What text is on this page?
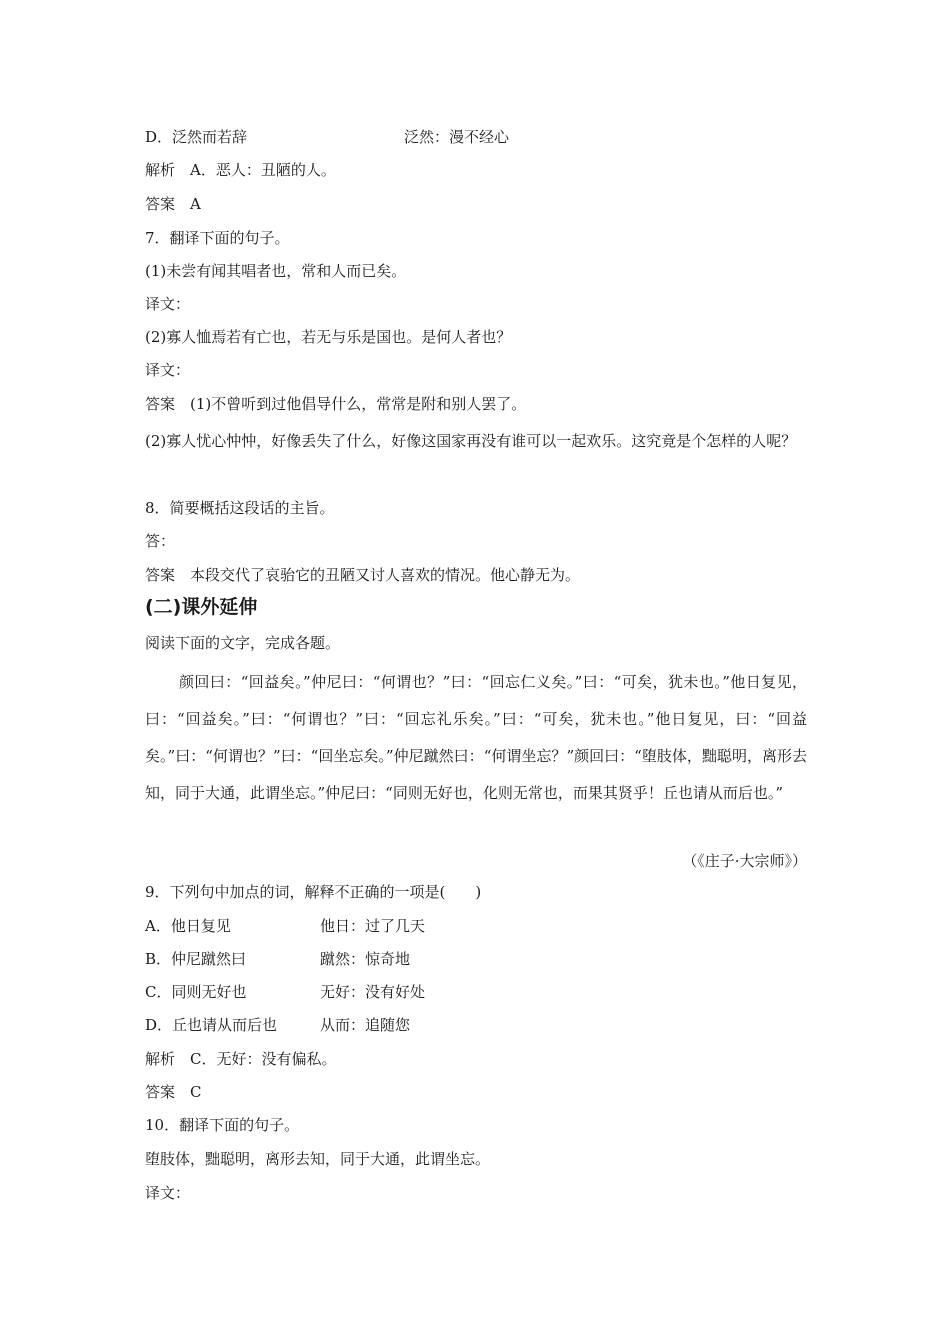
D．泛然而若辞	泛然：漫不经心
解析　A．恶人：丑陋的人。
答案　A
7．翻译下面的句子。
(1)未尝有闻其唱者也，常和人而已矣。
译文：
(2)寡人恤焉若有亡也，若无与乐是国也。是何人者也？
译文：
答案　(1)不曾听到过他倡导什么，常常是附和别人罢了。
(2)寡人忧心忡忡，好像丢失了什么，好像这国家再没有谁可以一起欢乐。这究竟是个怎样的人呢？
8．简要概括这段话的主旨。
答：
答案　本段交代了哀骀它的丑陋又讨人喜欢的情况。他心静无为。
(二)课外延伸
阅读下面的文字，完成各题。
颜回曰：“回益矣。”仲尼曰：“何谓也？”曰：“回忘仁义矣。”曰：“可矣，犹未也。”他日复见，曰：“回益矣。”曰：“何谓也？”曰：“回忘礼乐矣。”曰：“可矣，犹未也。”他日复见，曰：“回益矣。”曰：“何谓也？”曰：“回坐忘矣。”仲尼蹴然曰：“何谓坐忘？”颜回曰：“堕肢体，黜聪明，离形去知，同于大通，此谓坐忘。”仲尼曰：“同则无好也，化则无常也，而果其贤乎！丘也请从而后也。”
（《庄子·大宗师》）
9．下列句中加点的词，解释不正确的一项是(　　)
A．他日复见	他日：过了几天
B．仲尼蹴然曰	蹴然：惊奇地
C．同则无好也	无好：没有好处
D．丘也请从而后也	从而：追随您
解析　C．无好：没有偏私。
答案　C
10．翻译下面的句子。
堕肢体，黜聪明，离形去知，同于大通，此谓坐忘。
译文：
